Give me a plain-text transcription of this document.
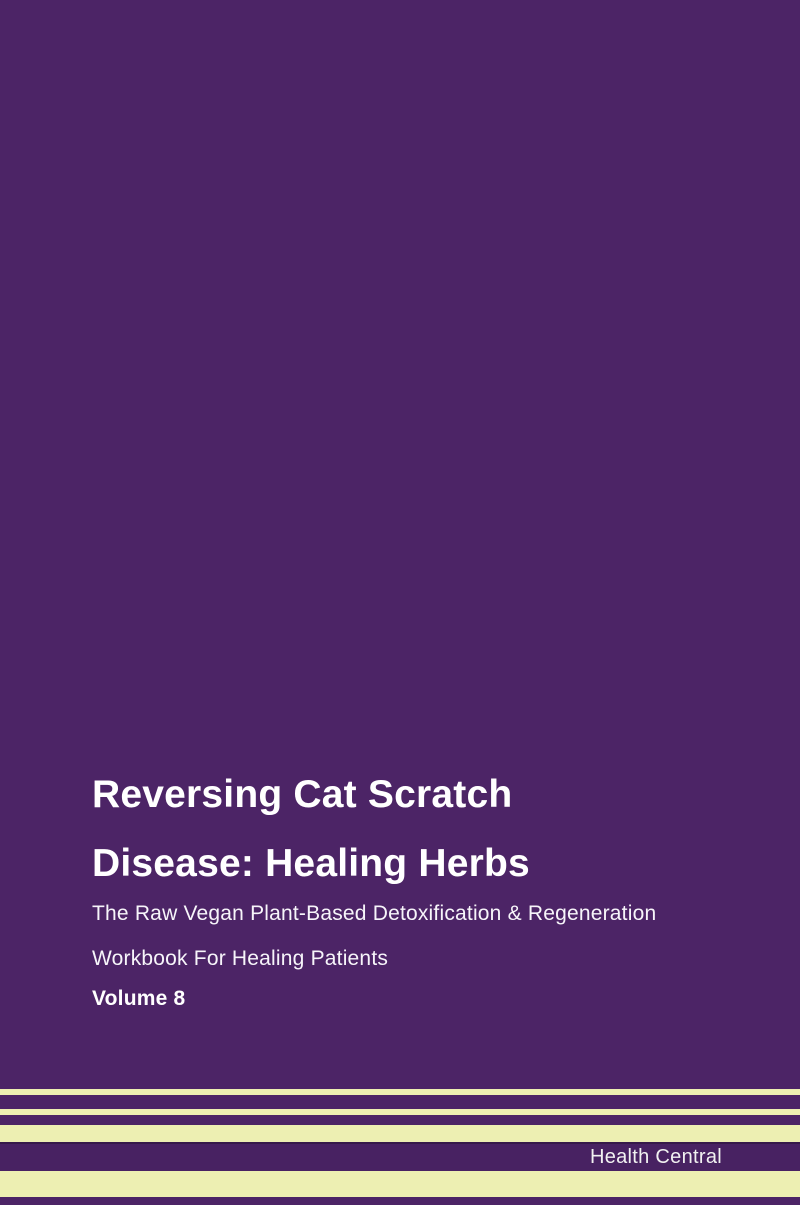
Reversing Cat Scratch
Disease: Healing Herbs
The Raw Vegan Plant-Based Detoxification & Regeneration
Workbook For Healing Patients
Volume 8
Health Central
